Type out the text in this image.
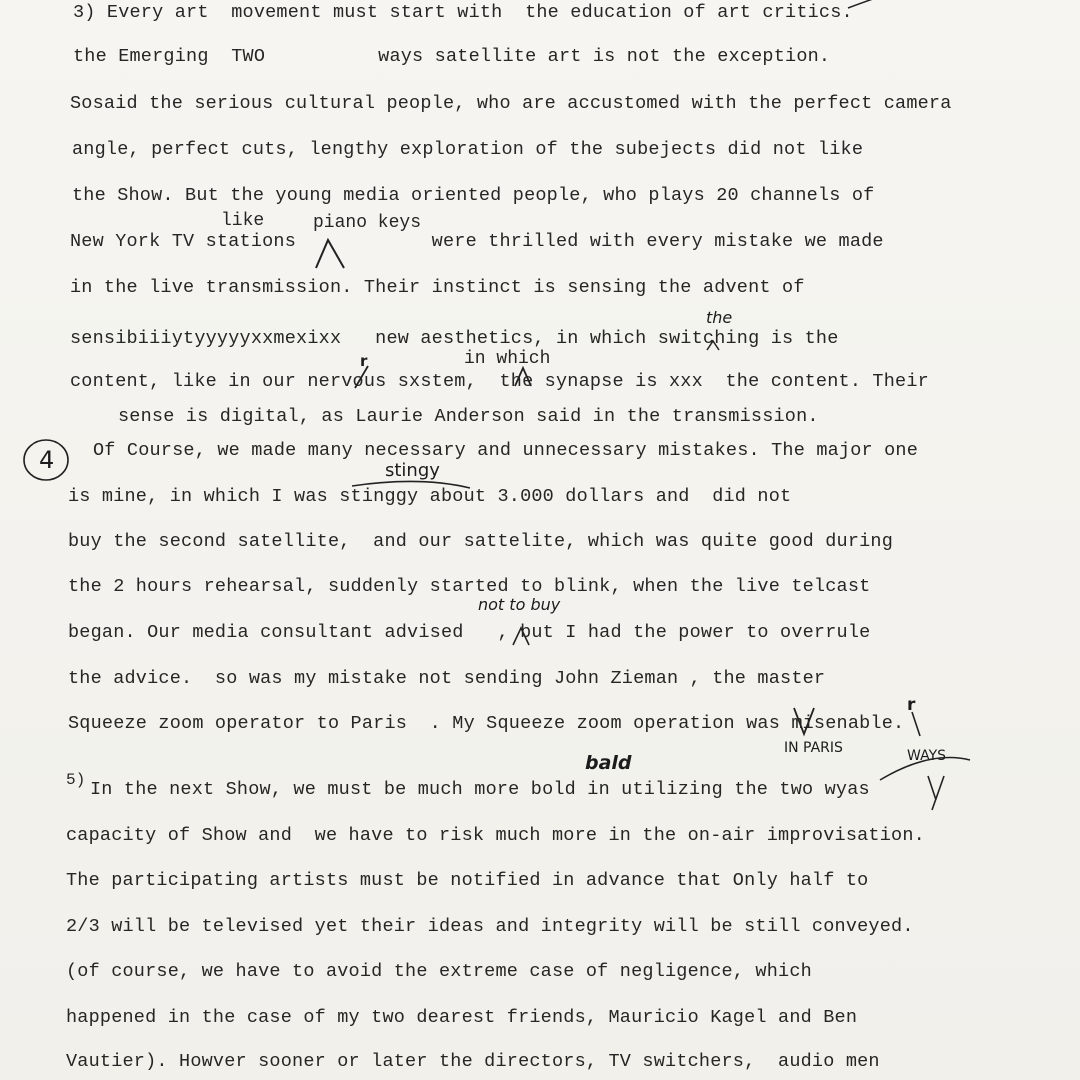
3) Every art  movement must start with  the education of art critics.
the Emerging  TWO          ways satellite art is not the exception.
Sosaid the serious cultural people, who are accustomed with the perfect camera
angle, perfect cuts, lengthy exploration of the subejects did not like
the Show. But the young media oriented people, who plays 20 channels of
New York TV stations            were thrilled with every mistake we made
in the live transmission. Their instinct is sensing the advent of
sensibiiiytyyyyyxxmexixx   new aesthetics, in which switching is the
content, like in our nervous sxstem,  the synapse is xxx  the content. Their
sense is digital, as Laurie Anderson said in the transmission.
Of Course, we made many necessary and unnecessary mistakes. The major one
is mine, in which I was stinggy about 3.000 dollars and  did not
buy the second satellite,  and our sattelite, which was quite good during
the 2 hours rehearsal, suddenly started to blink, when the live telcast
began. Our media consultant advised   , but I had the power to overrule
the advice.  so was my mistake not sending John Zieman , the master
Squeeze zoom operator to Paris  . My Squeeze zoom operation was misenable.
5) In the next Show, we must be much more bold in utilizing the two wyas
capacity of Show and  we have to risk much more in the on-air improvisation.
The participating artists must be notified in advance that Only half to
2/3 will be televised yet their ideas and integrity will be still conveyed.
(of course, we have to avoid the extreme case of negligence, which
happened in the case of my two dearest friends, Mauricio Kagel and Ben
Vautier). Howver sooner or later the directors, TV switchers,  audio men
like	piano keys
in which
the
r
stingy
not to buy
IN PARIS
r
bald	WAYS
4
